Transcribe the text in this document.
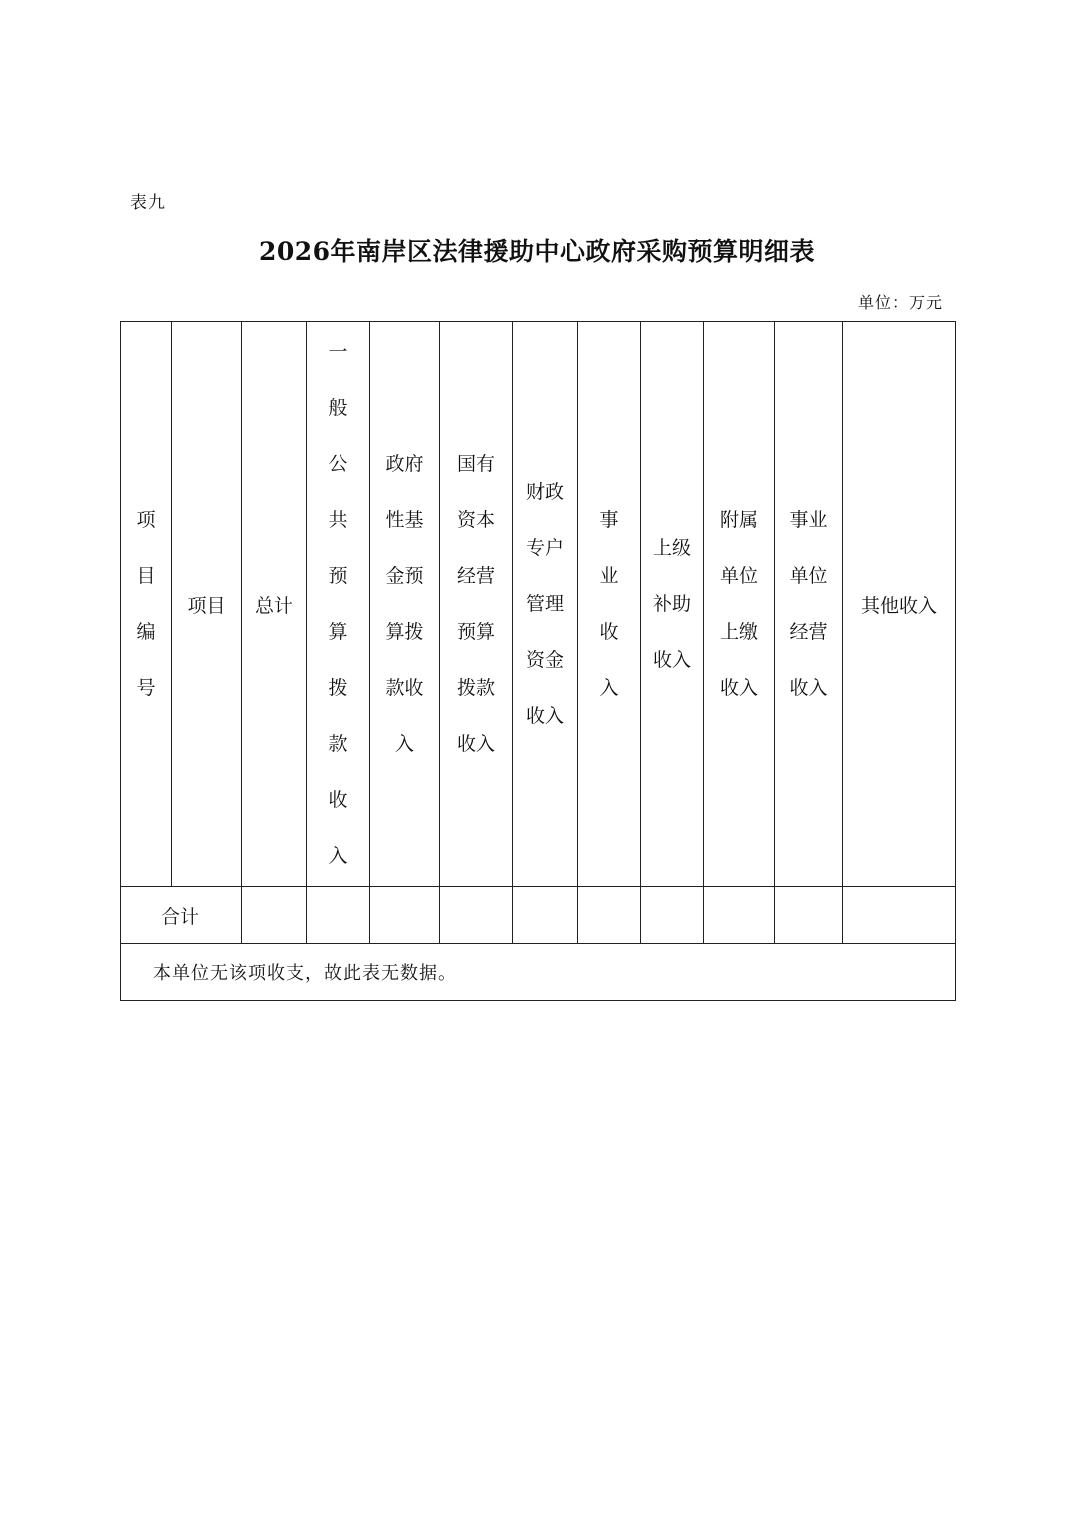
表九
2026年南岸区法律援助中心政府采购预算明细表
单位：万元
项目编号	项目	总计	一般公共预算拨款收入	政府性基金预算拨款收入	国有资本经营预算拨款收入	财政专户管理资金收入	事业收入	上级补助收入	附属单位上缴收入	事业单位经营收入	其他收入
合计											
本单位无该项收支，故此表无数据。											
